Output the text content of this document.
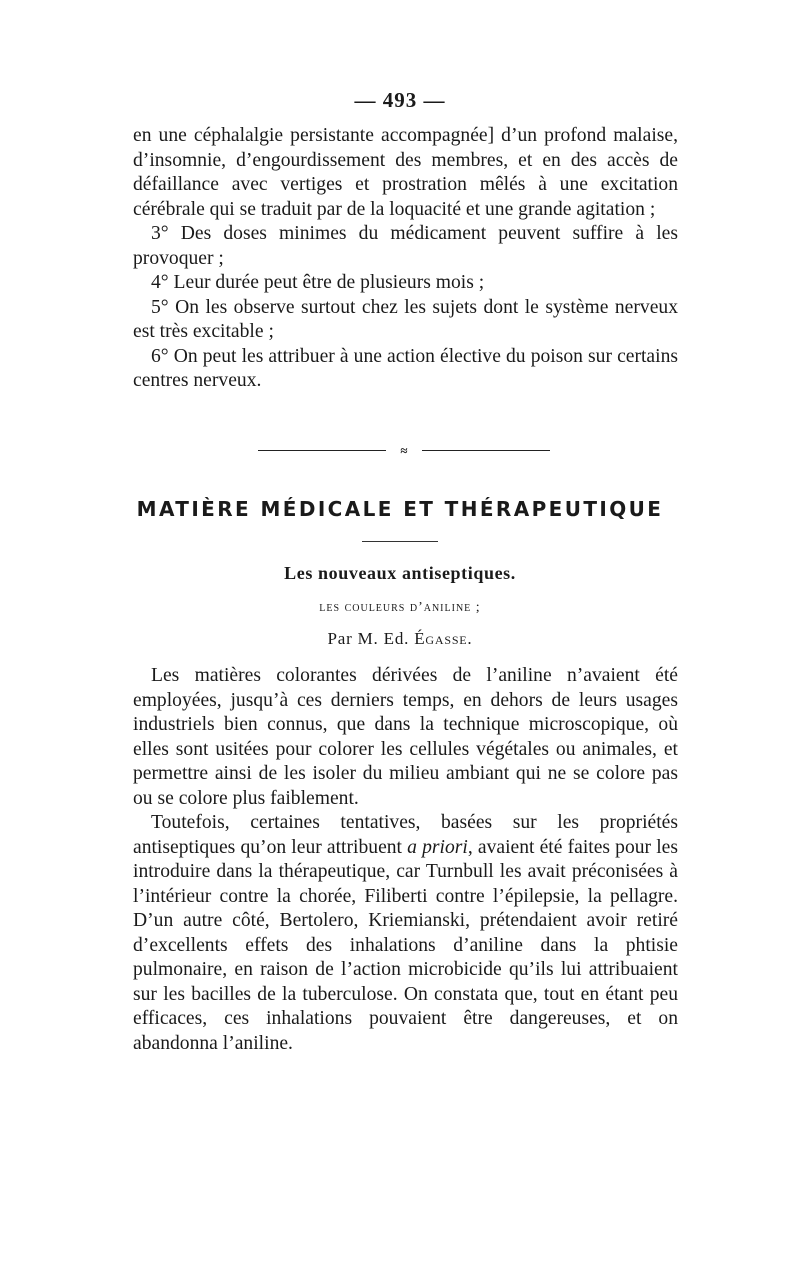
— 493 —

en une céphalalgie persistante accompagnée] d’un profond malaise, d’insomnie, d’engourdissement des membres, et en des accès de défaillance avec vertiges et prostration mêlés à une excitation cérébrale qui se traduit par de la loquacité et une grande agitation ;

3° Des doses minimes du médicament peuvent suffire à les provoquer ;

4° Leur durée peut être de plusieurs mois ;

5° On les observe surtout chez les sujets dont le système nerveux est très excitable ;

6° On peut les attribuer à une action élective du poison sur certains centres nerveux.

≈
MATIÈRE MÉDICALE ET THÉRAPEUTIQUE
Les nouveaux antiseptiques.
les couleurs d’aniline ;
Par M. Ed. Égasse.

Les matières colorantes dérivées de l’aniline n’avaient été employées, jusqu’à ces derniers temps, en dehors de leurs usages industriels bien connus, que dans la technique microscopique, où elles sont usitées pour colorer les cellules végétales ou animales, et permettre ainsi de les isoler du milieu ambiant qui ne se colore pas ou se colore plus faiblement.

Toutefois, certaines tentatives, basées sur les propriétés antiseptiques qu’on leur attribuent a priori, avaient été faites pour les introduire dans la thérapeutique, car Turnbull les avait préconisées à l’intérieur contre la chorée, Filiberti contre l’épilepsie, la pellagre. D’un autre côté, Bertolero, Kriemianski, prétendaient avoir retiré d’excellents effets des inhalations d’aniline dans la phtisie pulmonaire, en raison de l’action microbicide qu’ils lui attribuaient sur les bacilles de la tuberculose. On constata que, tout en étant peu efficaces, ces inhalations pouvaient être dangereuses, et on abandonna l’aniline.
